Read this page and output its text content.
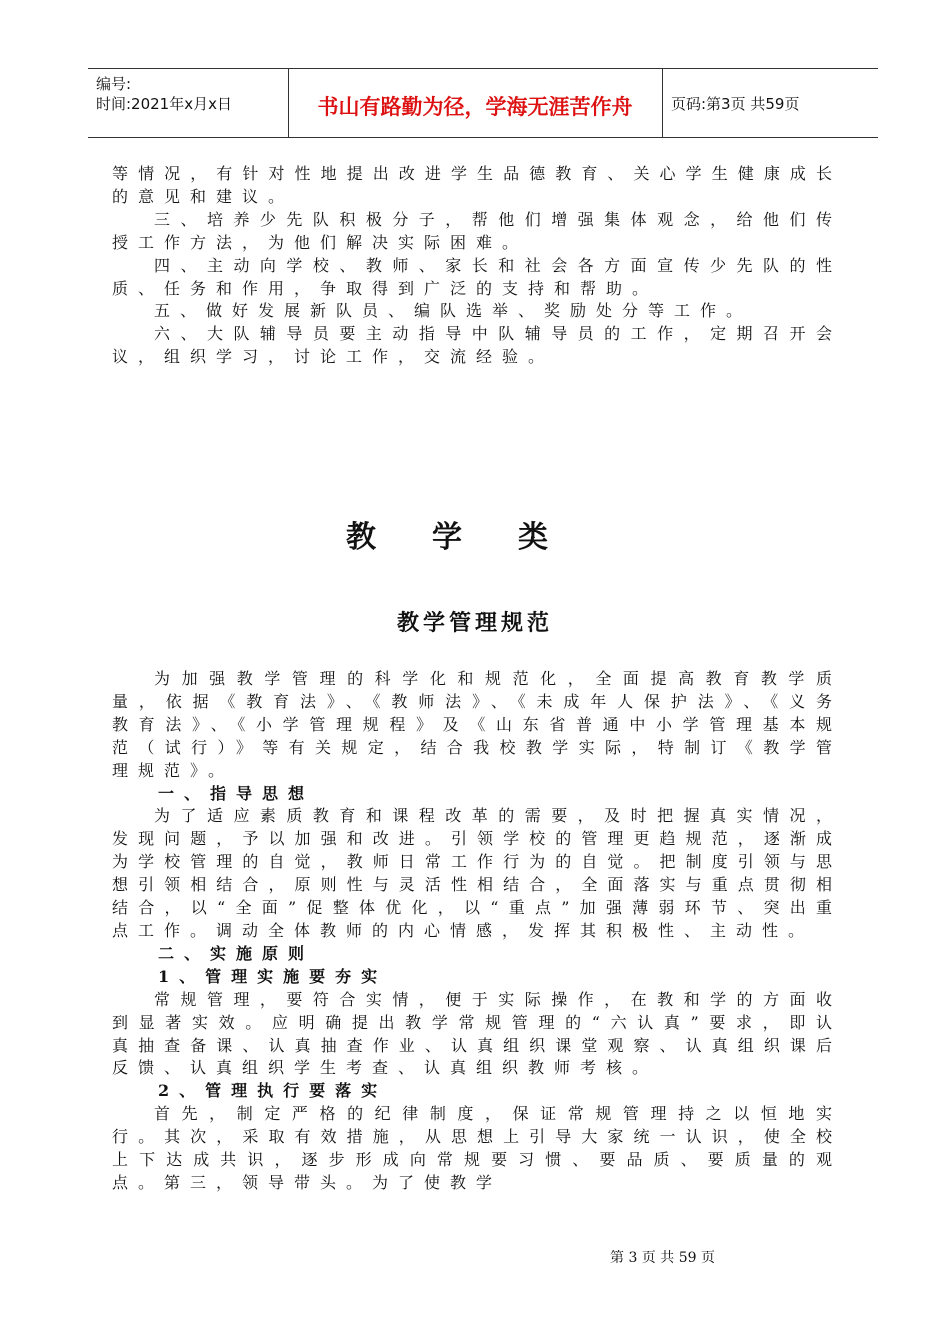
编号:
时间:2021年x月x日	书山有路勤为径，学海无涯苦作舟	页码:第3页 共59页

等情况，有针对性地提出改进学生品德教育、关心学生健康成长的意见和建议。

三、培养少先队积极分子，帮他们增强集体观念，给他们传授工作方法，为他们解决实际困难。

四、主动向学校、教师、家长和社会各方面宣传少先队的性质、任务和作用，争取得到广泛的支持和帮助。

五、做好发展新队员、编队选举、奖励处分等工作。

六、大队辅导员要主动指导中队辅导员的工作，定期召开会议，组织学习，讨论工作，交流经验。

教学类
教学管理规范

为加强教学管理的科学化和规范化，全面提高教育教学质量，依据《教育法》、《教师法》、《未成年人保护法》、《义务教育法》、《小学管理规程》及《山东省普通中小学管理基本规范（试行）》等有关规定，结合我校教学实际，特制订《教学管理规范》。

一、指导思想

为了适应素质教育和课程改革的需要，及时把握真实情况，发现问题，予以加强和改进。引领学校的管理更趋规范，逐渐成为学校管理的自觉，教师日常工作行为的自觉。把制度引领与思想引领相结合，原则性与灵活性相结合，全面落实与重点贯彻相结合，以“全面”促整体优化，以“重点”加强薄弱环节、突出重点工作。调动全体教师的内心情感，发挥其积极性、主动性。

二、实施原则

1、管理实施要夯实

常规管理，要符合实情，便于实际操作，在教和学的方面收到显著实效。应明确提出教学常规管理的“六认真”要求，即认真抽查备课、认真抽查作业、认真组织课堂观察、认真组织课后反馈、认真组织学生考查、认真组织教师考核。

2、管理执行要落实

首先，制定严格的纪律制度，保证常规管理持之以恒地实行。其次，采取有效措施，从思想上引导大家统一认识，使全校上下达成共识，逐步形成向常规要习惯、要品质、要质量的观点。第三，领导带头。为了使教学

第 3 页 共 59 页
